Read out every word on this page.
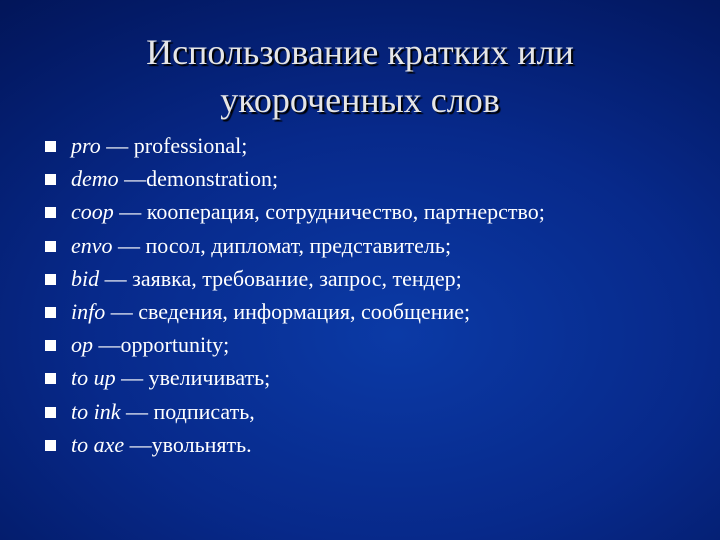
Использование кратких или
укороченных слов
pro — professional;
demo —demonstration;
coop — кооперация, сотрудничество, партнерство;
envo — посол, дипломат, представитель;
bid — заявка, требование, запрос, тендер;
info — сведения, информация, сообщение;
op —opportunity;
to up — увеличивать;
to ink — подписать,
to axe —увольнять.
